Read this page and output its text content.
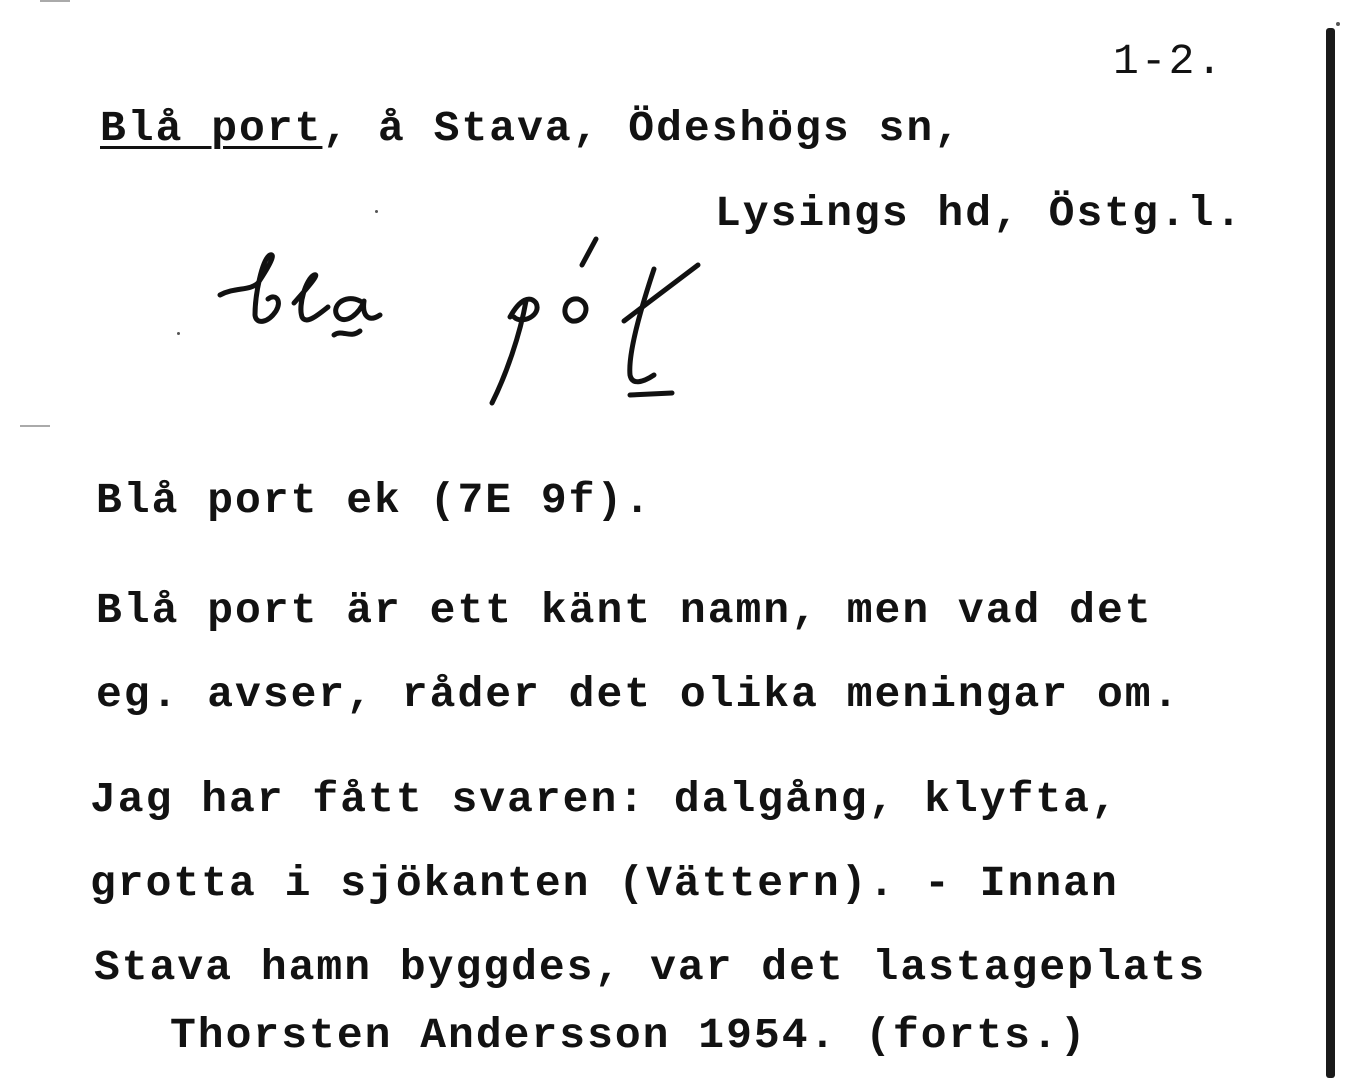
1-2.
Blå port, å Stava, Ödeshögs sn,
Lysings hd, Östg.l.
Blå port ek (7E 9f).
Blå port är ett känt namn, men vad det
eg. avser, råder det olika meningar om.
Jag har fått svaren: dalgång, klyfta,
grotta i sjökanten (Vättern). - Innan
Stava hamn byggdes, var det lastageplats
Thorsten Andersson 1954. (forts.)
